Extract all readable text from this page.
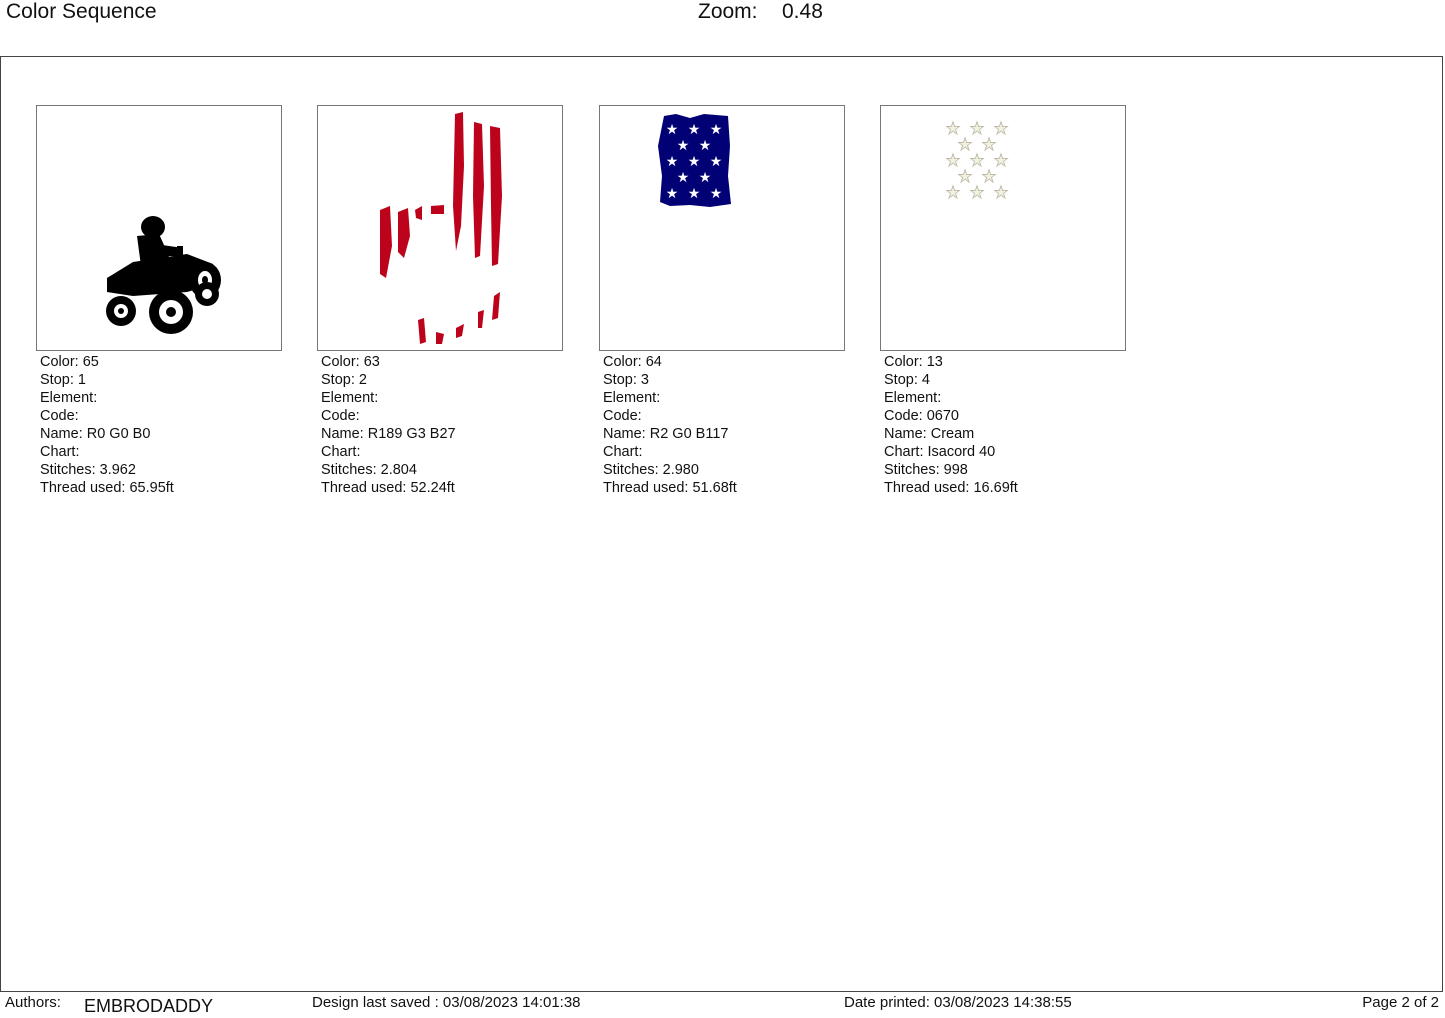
Color Sequence	Zoom: 0.48
Color: 65
Stop: 1
Element:
Code:
Name: R0 G0 B0
Chart:
Stitches: 3.962
Thread used: 65.95ft
Color: 63
Stop: 2
Element:
Code:
Name: R189 G3 B27
Chart:
Stitches: 2.804
Thread used: 52.24ft
★ ★ ★
★ ★
★ ★ ★
★ ★
★ ★ ★
Color: 64
Stop: 3
Element:
Code:
Name: R2 G0 B117
Chart:
Stitches: 2.980
Thread used: 51.68ft
★ ★ ★
★ ★
★ ★ ★
★ ★
★ ★ ★
Color: 13
Stop: 4
Element:
Code: 0670
Name: Cream
Chart: Isacord 40
Stitches: 998
Thread used: 16.69ft
Authors: EMBRODADDY	Design last saved : 03/08/2023 14:01:38	Date printed: 03/08/2023 14:38:55	Page 2 of 2
